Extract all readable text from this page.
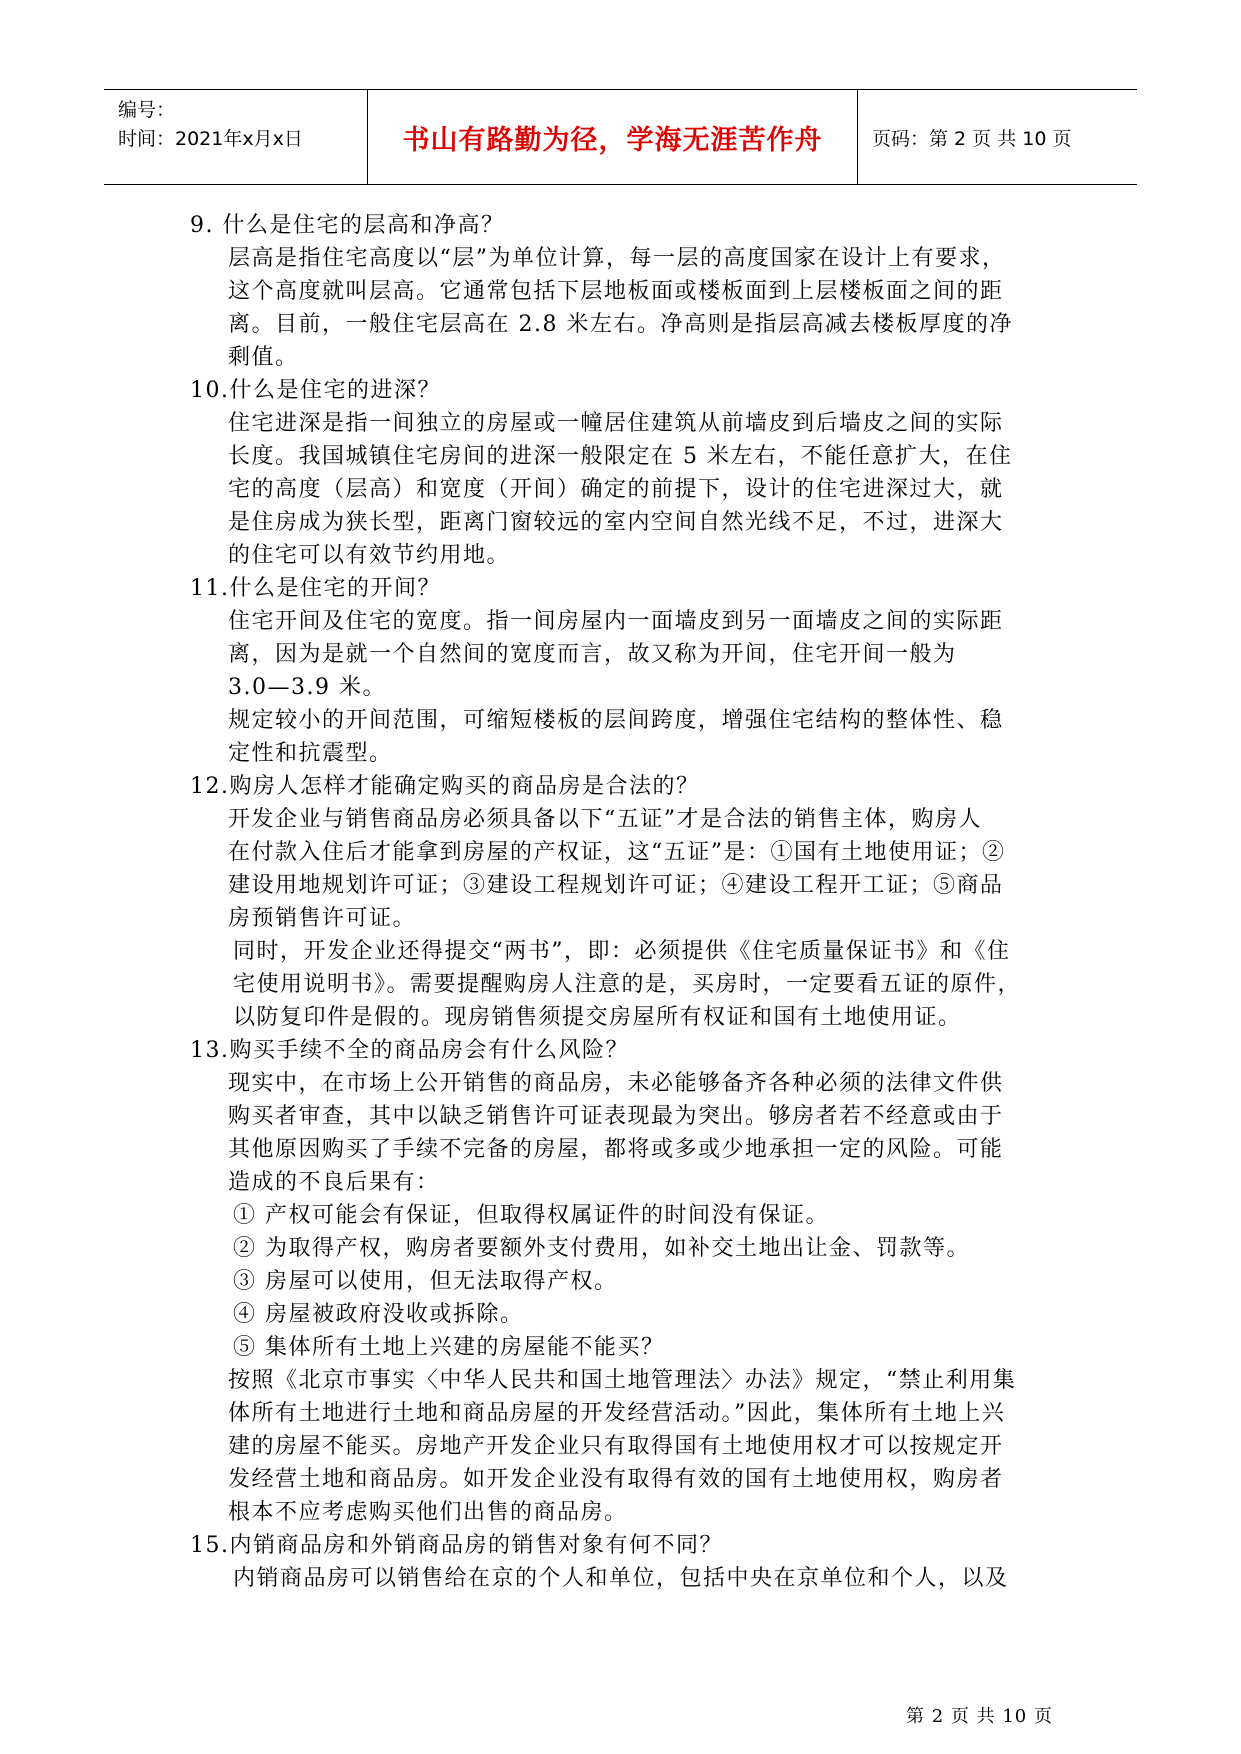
编号：
时间：2021年x月x日	书山有路勤为径，学海无涯苦作舟	页码：第 2 页 共 10 页
9. 什么是住宅的层高和净高？
层高是指住宅高度以“层”为单位计算，每一层的高度国家在设计上有要求，
这个高度就叫层高。它通常包括下层地板面或楼板面到上层楼板面之间的距
离。目前，一般住宅层高在 2.8 米左右。净高则是指层高减去楼板厚度的净
剩值。
10.什么是住宅的进深？
住宅进深是指一间独立的房屋或一幢居住建筑从前墙皮到后墙皮之间的实际
长度。我国城镇住宅房间的进深一般限定在 5 米左右，不能任意扩大，在住
宅的高度（层高）和宽度（开间）确定的前提下，设计的住宅进深过大，就
是住房成为狭长型，距离门窗较远的室内空间自然光线不足，不过，进深大
的住宅可以有效节约用地。
11.什么是住宅的开间？
住宅开间及住宅的宽度。指一间房屋内一面墙皮到另一面墙皮之间的实际距
离，因为是就一个自然间的宽度而言，故又称为开间，住宅开间一般为
3.0—3.9 米。
规定较小的开间范围，可缩短楼板的层间跨度，增强住宅结构的整体性、稳
定性和抗震型。
12.购房人怎样才能确定购买的商品房是合法的？
开发企业与销售商品房必须具备以下“五证”才是合法的销售主体，购房人
在付款入住后才能拿到房屋的产权证，这“五证”是：①国有土地使用证；②
建设用地规划许可证；③建设工程规划许可证；④建设工程开工证；⑤商品
房预销售许可证。
同时，开发企业还得提交“两书”，即：必须提供《住宅质量保证书》和《住
宅使用说明书》。需要提醒购房人注意的是，买房时，一定要看五证的原件，
以防复印件是假的。现房销售须提交房屋所有权证和国有土地使用证。
13.购买手续不全的商品房会有什么风险？
现实中，在市场上公开销售的商品房，未必能够备齐各种必须的法律文件供
购买者审查，其中以缺乏销售许可证表现最为突出。够房者若不经意或由于
其他原因购买了手续不完备的房屋，都将或多或少地承担一定的风险。可能
造成的不良后果有：
① 产权可能会有保证，但取得权属证件的时间没有保证。
② 为取得产权，购房者要额外支付费用，如补交土地出让金、罚款等。
③ 房屋可以使用，但无法取得产权。
④ 房屋被政府没收或拆除。
⑤ 集体所有土地上兴建的房屋能不能买？
按照《北京市事实〈中华人民共和国土地管理法〉办法》规定，“禁止利用集
体所有土地进行土地和商品房屋的开发经营活动。”因此，集体所有土地上兴
建的房屋不能买。房地产开发企业只有取得国有土地使用权才可以按规定开
发经营土地和商品房。如开发企业没有取得有效的国有土地使用权，购房者
根本不应考虑购买他们出售的商品房。
15.内销商品房和外销商品房的销售对象有何不同？
内销商品房可以销售给在京的个人和单位，包括中央在京单位和个人，以及
第 2 页 共 10 页
